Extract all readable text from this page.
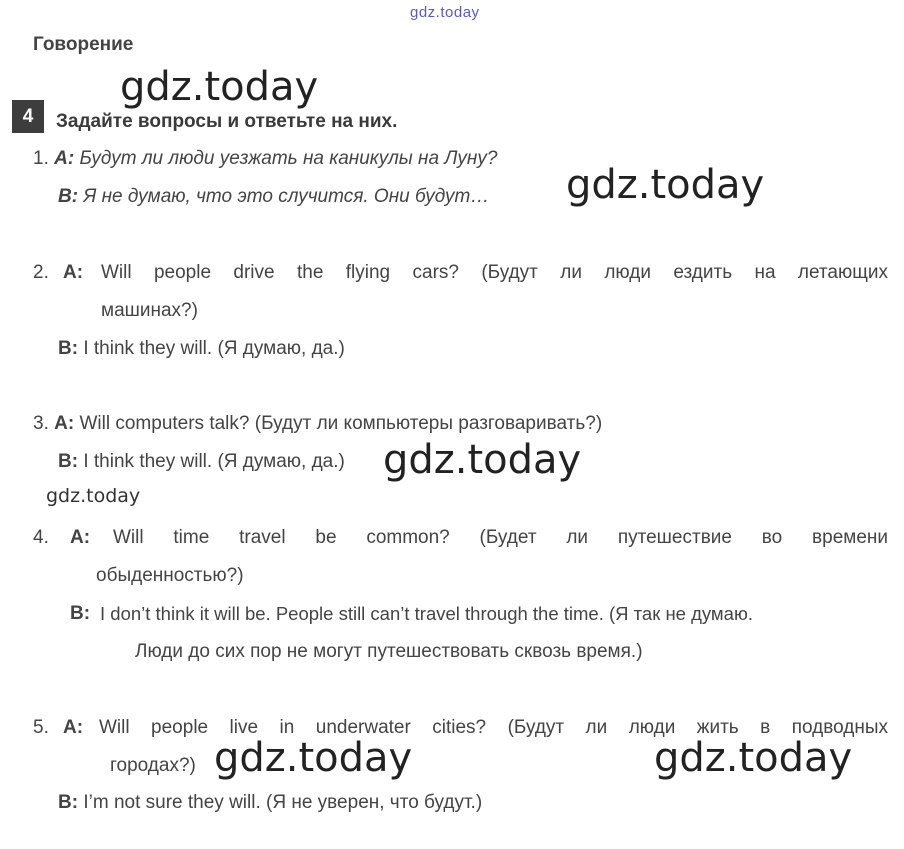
gdz.today
gdz.today
gdz.today
gdz.today
gdz.today
gdz.today	gdz.today
Говорение
4	Задайте вопросы и ответьте на них.
1. A: Будут ли люди уезжать на каникулы на Луну?
B: Я не думаю, что это случится. Они будут…
2. A: Will people drive the flying cars? (Будут ли люди ездить на летающих
машинах?)
B: I think they will. (Я думаю, да.)
3. A: Will computers talk? (Будут ли компьютеры разговаривать?)
B: I think they will. (Я думаю, да.)
4. A: Will time travel be common? (Будет ли путешествие во времени
обыденностью?)
B: I don’t think it will be. People still can’t travel through the time. (Я так не думаю.
Люди до сих пор не могут путешествовать сквозь время.)
5. A: Will people live in underwater cities? (Будут ли люди жить в подводных
городах?)
B: I’m not sure they will. (Я не уверен, что будут.)
